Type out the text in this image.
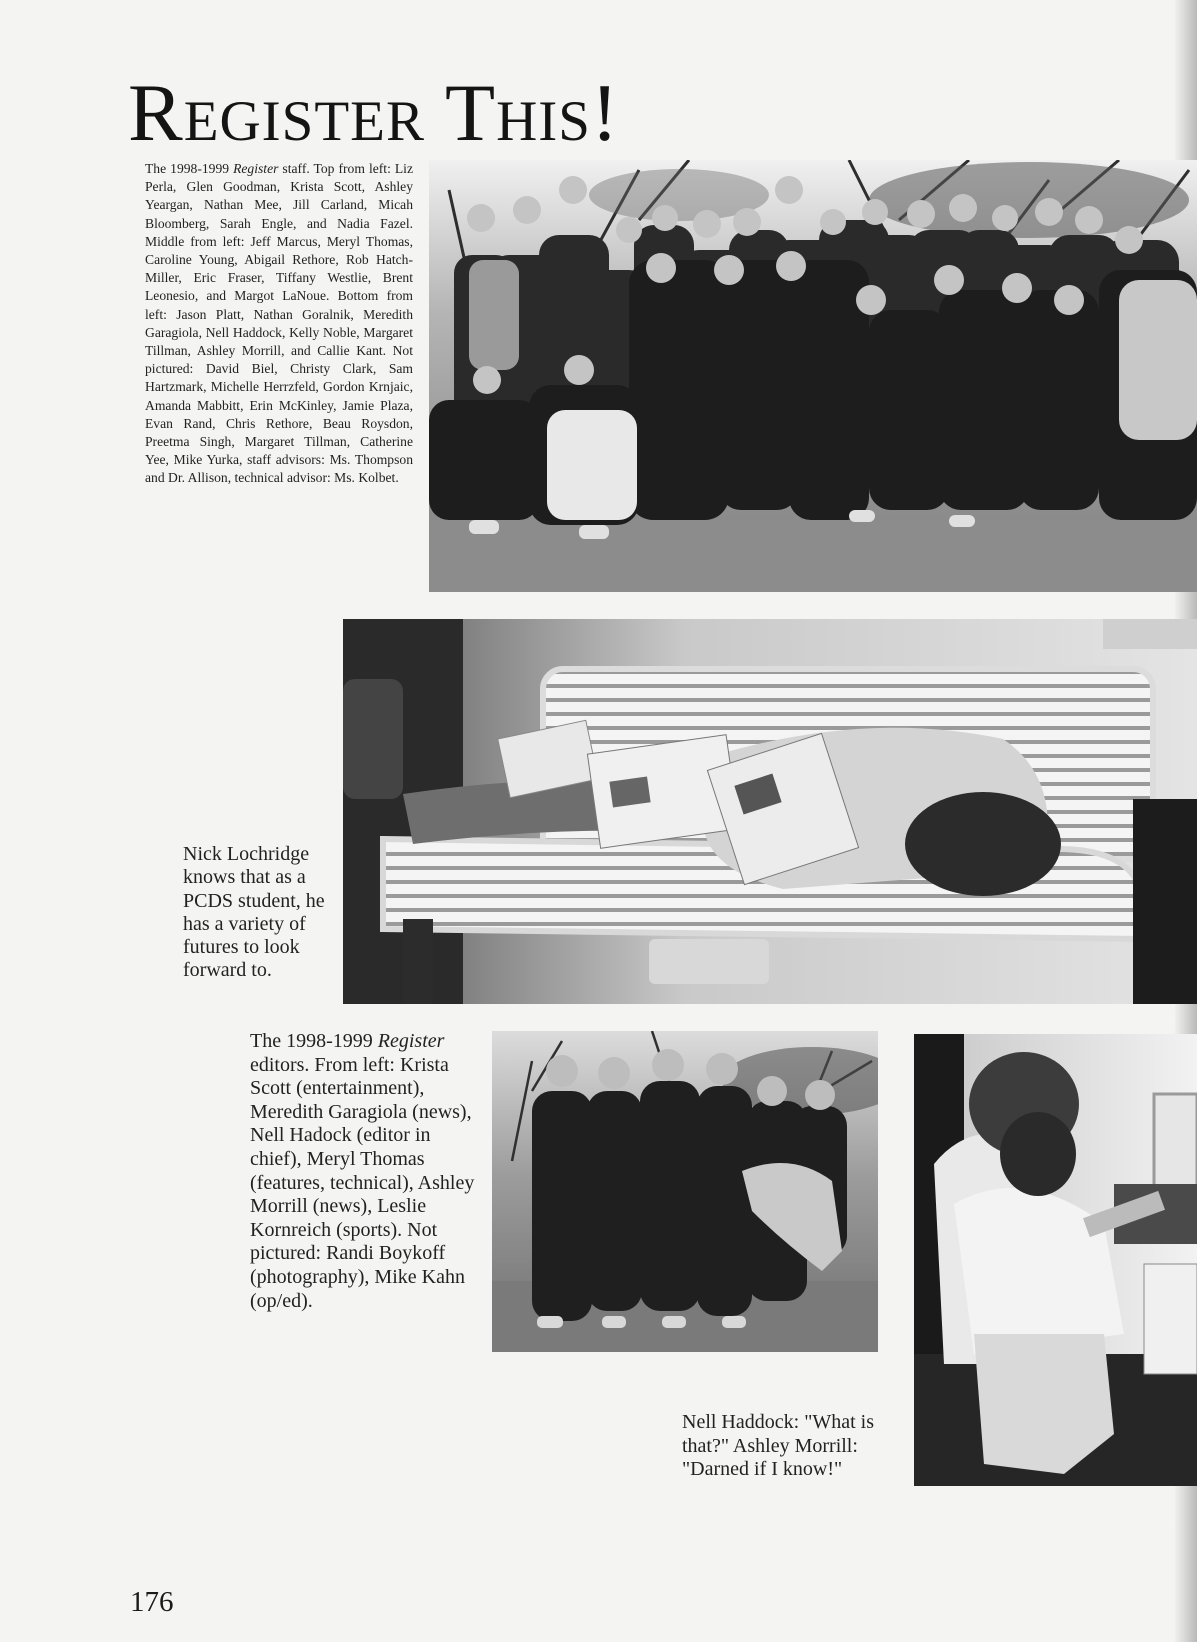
Register This!

The 1998-1999 Register staff. Top from left: Liz Perla, Glen Goodman, Krista Scott, Ashley Yeargan, Nathan Mee, Jill Carland, Micah Bloomberg, Sarah Engle, and Nadia Fazel. Middle from left: Jeff Marcus, Meryl Thomas, Caroline Young, Abigail Rethore, Rob Hatch-Miller, Eric Fraser, Tiffany Westlie, Brent Leonesio, and Margot LaNoue. Bottom from left: Jason Platt, Nathan Goralnik, Meredith Garagiola, Nell Haddock, Kelly Noble, Margaret Tillman, Ashley Morrill, and Callie Kant. Not pictured: David Biel, Christy Clark, Sam Hartzmark, Michelle Herrzfeld, Gordon Krnjaic, Amanda Mabbitt, Erin McKinley, Jamie Plaza, Evan Rand, Chris Rethore, Beau Roysdon, Preetma Singh, Margaret Tillman, Catherine Yee, Mike Yurka, staff advisors: Ms. Thompson and Dr. Allison, technical advisor: Ms. Kolbet.

Nick Lochridge knows that as a PCDS student, he has a variety of futures to look forward to.

The 1998-1999 Register editors. From left: Krista Scott (entertainment), Meredith Garagiola (news), Nell Hadock (editor in chief), Meryl Thomas (features, technical), Ashley Morrill (news), Leslie Kornreich (sports). Not pictured: Randi Boykoff (photography), Mike Kahn (op/ed).

Nell Haddock: "What is that?" Ashley Morrill: "Darned if I know!"

176
